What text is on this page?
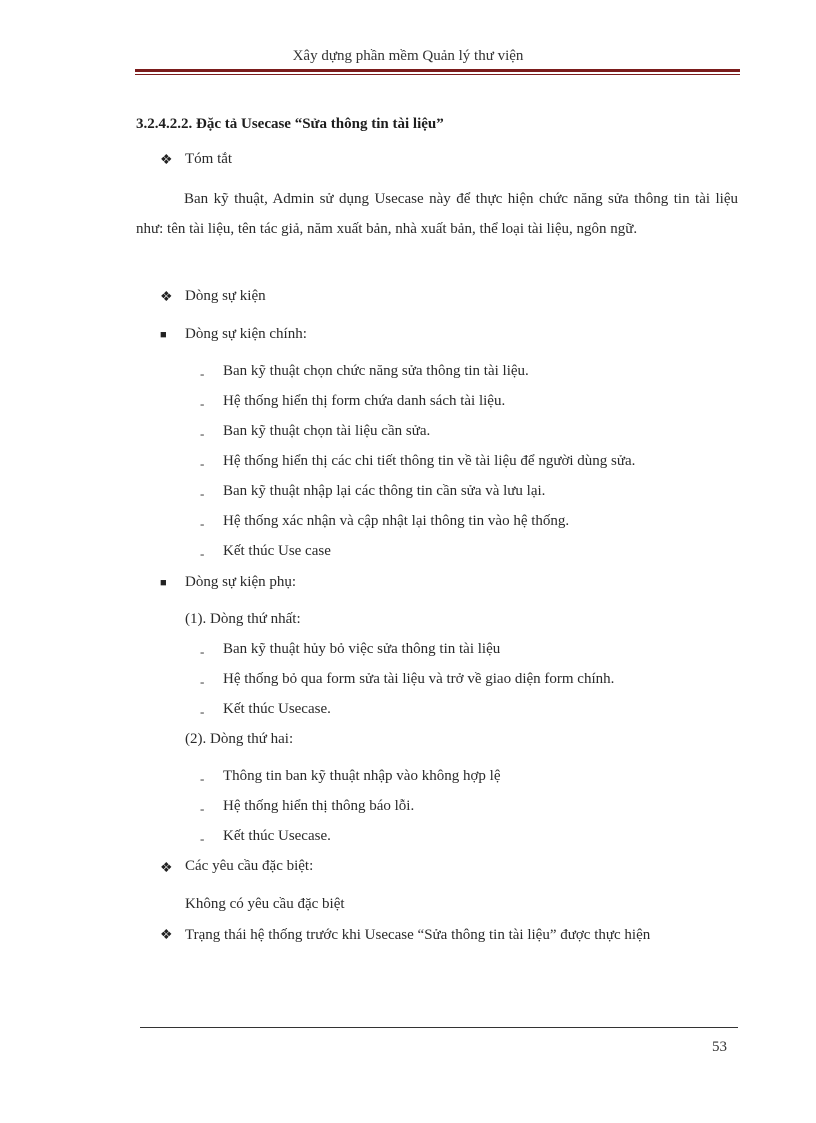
Xây dựng phần mềm Quản lý thư viện
3.2.4.2.2. Đặc tả Usecase “Sửa thông tin tài liệu”
❖ Tóm tắt
Ban kỹ thuật, Admin sử dụng Usecase này để thực hiện chức năng sửa thông tin tài liệu như: tên tài liệu, tên tác giả, năm xuất bản, nhà xuất bản, thể loại tài liệu, ngôn ngữ.
❖ Dòng sự kiện
■ Dòng sự kiện chính:
- Ban kỹ thuật chọn chức năng sửa thông tin tài liệu.
- Hệ thống hiển thị form chứa danh sách tài liệu.
- Ban kỹ thuật chọn tài liệu cần sửa.
- Hệ thống hiển thị các chi tiết thông tin về tài liệu để người dùng sửa.
- Ban kỹ thuật nhập lại các thông tin cần sửa và lưu lại.
- Hệ thống xác nhận và cập nhật lại thông tin vào hệ thống.
- Kết thúc Use case
■ Dòng sự kiện phụ:
(1). Dòng thứ nhất:
- Ban kỹ thuật hủy bỏ việc sửa thông tin tài liệu
- Hệ thống bỏ qua form sửa tài liệu và trở về giao diện form chính.
- Kết thúc Usecase.
(2). Dòng thứ hai:
- Thông tin ban kỹ thuật nhập vào không hợp lệ
- Hệ thống hiển thị thông báo lỗi.
- Kết thúc Usecase.
❖ Các yêu cầu đặc biệt:
Không có yêu cầu đặc biệt
❖ Trạng thái hệ thống trước khi Usecase “Sửa thông tin tài liệu” được thực hiện
53
